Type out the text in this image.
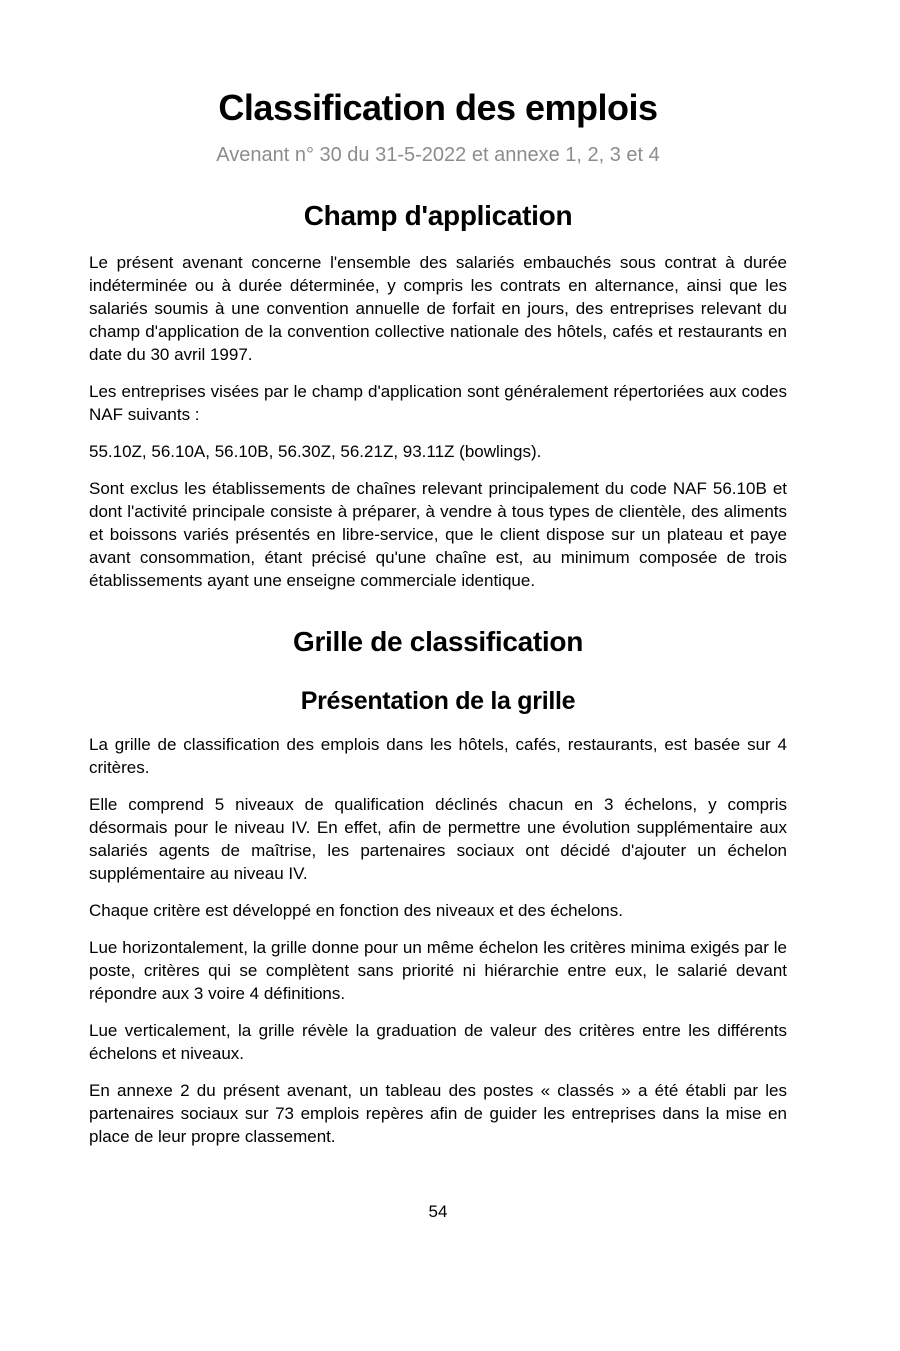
Classification des emplois
Avenant n° 30 du 31-5-2022 et annexe 1, 2, 3 et 4
Champ d'application

Le présent avenant concerne l'ensemble des salariés embauchés sous contrat à durée indéterminée ou à durée déterminée, y compris les contrats en alternance, ainsi que les salariés soumis à une convention annuelle de forfait en jours, des entreprises relevant du champ d'application de la convention collective nationale des hôtels, cafés et restaurants en date du 30 avril 1997.

Les entreprises visées par le champ d'application sont généralement répertoriées aux codes NAF suivants :

55.10Z, 56.10A, 56.10B, 56.30Z, 56.21Z, 93.11Z (bowlings).

Sont exclus les établissements de chaînes relevant principalement du code NAF 56.10B et dont l'activité principale consiste à préparer, à vendre à tous types de clientèle, des aliments et boissons variés présentés en libre-service, que le client dispose sur un plateau et paye avant consommation, étant précisé qu'une chaîne est, au minimum composée de trois établissements ayant une enseigne commerciale identique.

Grille de classification
Présentation de la grille

La grille de classification des emplois dans les hôtels, cafés, restaurants, est basée sur 4 critères.

Elle comprend 5 niveaux de qualification déclinés chacun en 3 échelons, y compris désormais pour le niveau IV. En effet, afin de permettre une évolution supplémentaire aux salariés agents de maîtrise, les partenaires sociaux ont décidé d'ajouter un échelon supplémentaire au niveau IV.

Chaque critère est développé en fonction des niveaux et des échelons.

Lue horizontalement, la grille donne pour un même échelon les critères minima exigés par le poste, critères qui se complètent sans priorité ni hiérarchie entre eux, le salarié devant répondre aux 3 voire 4 définitions.

Lue verticalement, la grille révèle la graduation de valeur des critères entre les différents échelons et niveaux.

En annexe 2 du présent avenant, un tableau des postes « classés » a été établi par les partenaires sociaux sur 73 emplois repères afin de guider les entreprises dans la mise en place de leur propre classement.

54
